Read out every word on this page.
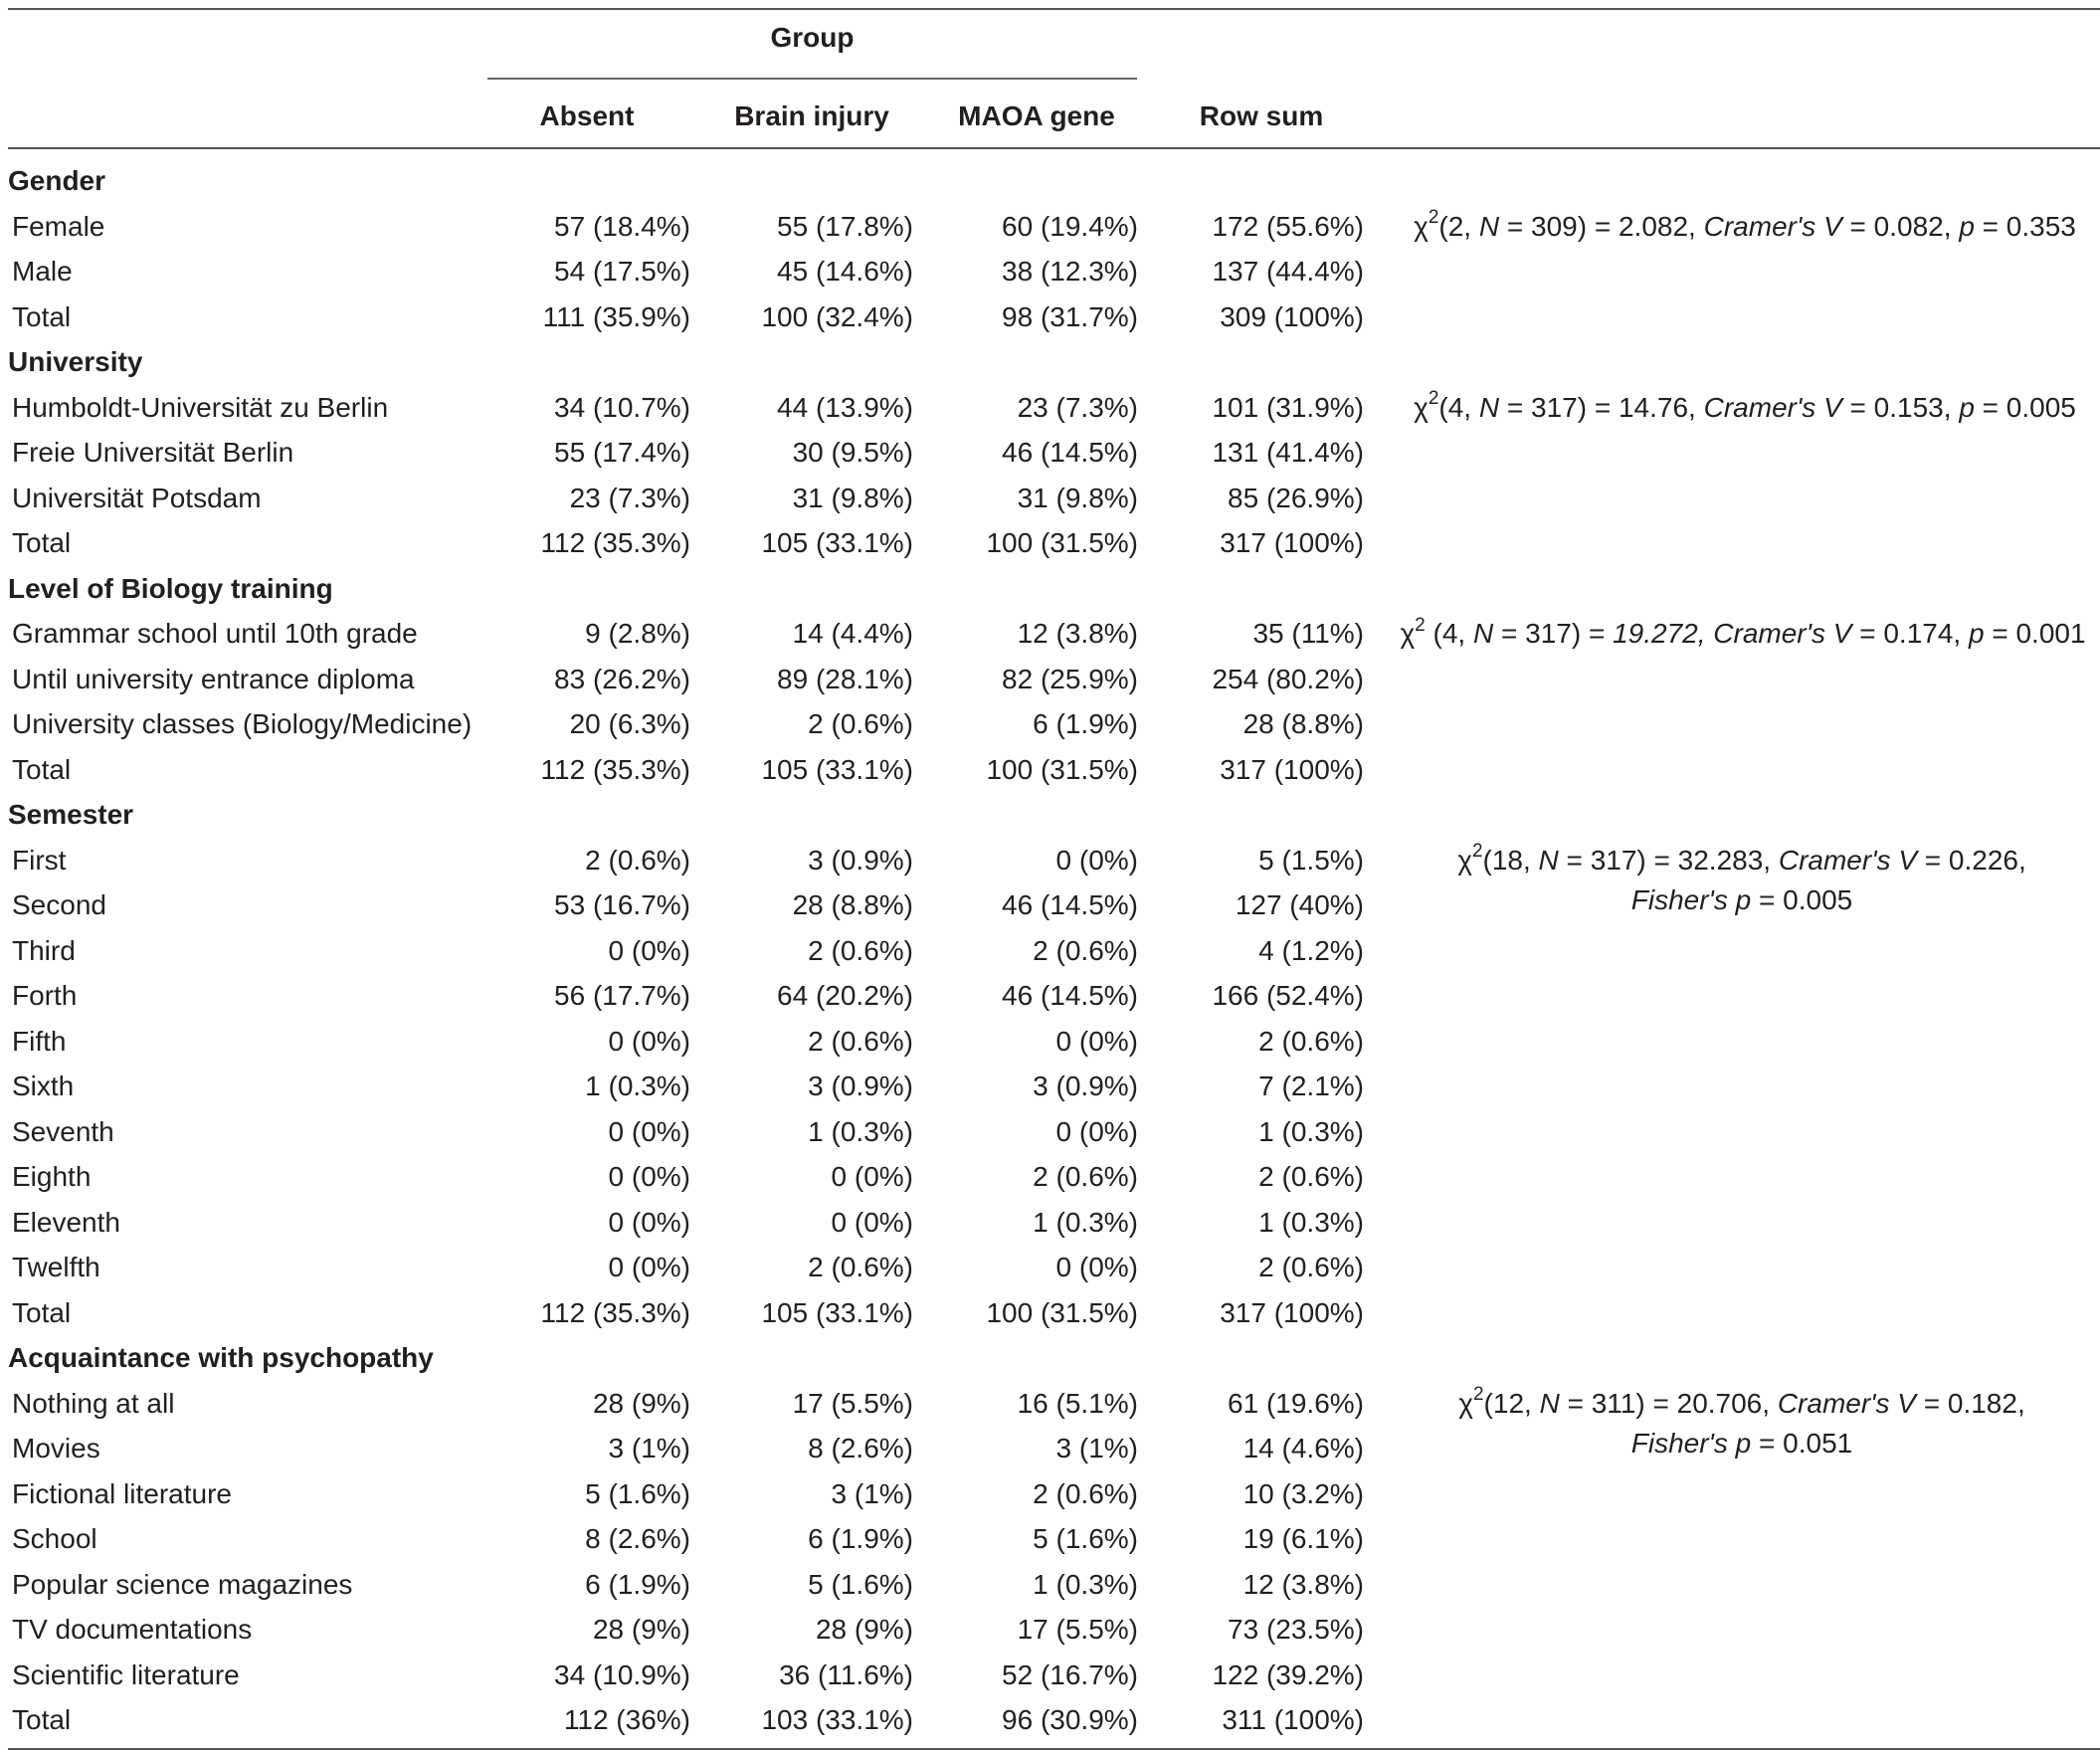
Group
Absent	Brain injury	MAOA gene	Row sum
Gender
Female	57 (18.4%)	55 (17.8%)	60 (19.4%)	172 (55.6%)
Male	54 (17.5%)	45 (14.6%)	38 (12.3%)	137 (44.4%)
Total	111 (35.9%)	100 (32.4%)	98 (31.7%)	309 (100%)
$\chi^2(2$, N = 309) = 2.082, Cramer's V = 0.082, p = 0.353
University
Humboldt-Universität zu Berlin	34 (10.7%)	44 (13.9%)	23 (7.3%)	101 (31.9%)
Freie Universität Berlin	55 (17.4%)	30 (9.5%)	46 (14.5%)	131 (41.4%)
Universität Potsdam	23 (7.3%)	31 (9.8%)	31 (9.8%)	85 (26.9%)
Total	112 (35.3%)	105 (33.1%)	100 (31.5%)	317 (100%)
$\chi^2(4$, N = 317) = 14.76, Cramer's V = 0.153, p = 0.005
Level of Biology training
Grammar school until 10th grade	9 (2.8%)	14 (4.4%)	12 (3.8%)	35 (11%)
Until university entrance diploma	83 (26.2%)	89 (28.1%)	82 (25.9%)	254 (80.2%)
University classes (Biology/Medicine)	20 (6.3%)	2 (0.6%)	6 (1.9%)	28 (8.8%)
Total	112 (35.3%)	105 (33.1%)	100 (31.5%)	317 (100%)
$\chi^2$ (4, N = 317) = 19.272, Cramer's V = 0.174, p = 0.001
Semester
First	2 (0.6%)	3 (0.9%)	0 (0%)	5 (1.5%)
Second	53 (16.7%)	28 (8.8%)	46 (14.5%)	127 (40%)
Third	0 (0%)	2 (0.6%)	2 (0.6%)	4 (1.2%)
Forth	56 (17.7%)	64 (20.2%)	46 (14.5%)	166 (52.4%)
Fifth	0 (0%)	2 (0.6%)	0 (0%)	2 (0.6%)
Sixth	1 (0.3%)	3 (0.9%)	3 (0.9%)	7 (2.1%)
Seventh	0 (0%)	1 (0.3%)	0 (0%)	1 (0.3%)
Eighth	0 (0%)	0 (0%)	2 (0.6%)	2 (0.6%)
Eleventh	0 (0%)	0 (0%)	1 (0.3%)	1 (0.3%)
Twelfth	0 (0%)	2 (0.6%)	0 (0%)	2 (0.6%)
Total	112 (35.3%)	105 (33.1%)	100 (31.5%)	317 (100%)
$\chi^2(18$, N = 317) = 32.283, Cramer's V = 0.226,
Fisher's p = 0.005
Acquaintance with psychopathy
Nothing at all	28 (9%)	17 (5.5%)	16 (5.1%)	61 (19.6%)
Movies	3 (1%)	8 (2.6%)	3 (1%)	14 (4.6%)
Fictional literature	5 (1.6%)	3 (1%)	2 (0.6%)	10 (3.2%)
School	8 (2.6%)	6 (1.9%)	5 (1.6%)	19 (6.1%)
Popular science magazines	6 (1.9%)	5 (1.6%)	1 (0.3%)	12 (3.8%)
TV documentations	28 (9%)	28 (9%)	17 (5.5%)	73 (23.5%)
Scientific literature	34 (10.9%)	36 (11.6%)	52 (16.7%)	122 (39.2%)
Total	112 (36%)	103 (33.1%)	96 (30.9%)	311 (100%)
$\chi^2(12$, N = 311) = 20.706, Cramer's V = 0.182,
Fisher's p = 0.051
